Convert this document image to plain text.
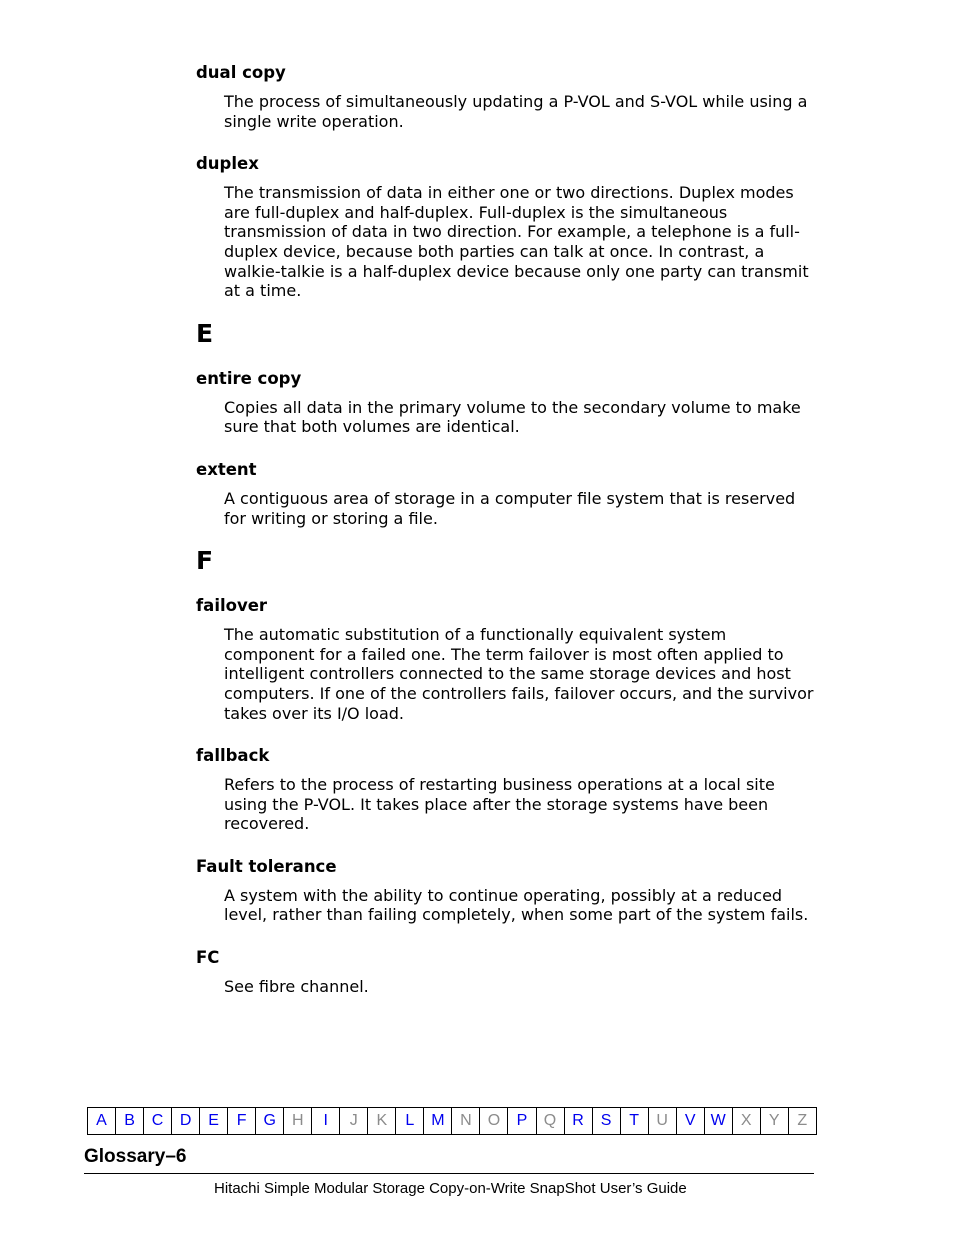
dual copy
The process of simultaneously updating a P-VOL and S-VOL while using a single write operation.
duplex
The transmission of data in either one or two directions. Duplex modes are full-duplex and half-duplex. Full-duplex is the simultaneous transmission of data in two direction. For example, a telephone is a full-duplex device, because both parties can talk at once. In contrast, a walkie-talkie is a half-duplex device because only one party can transmit at a time.
E
entire copy
Copies all data in the primary volume to the secondary volume to make sure that both volumes are identical.
extent
A contiguous area of storage in a computer file system that is reserved for writing or storing a file.
F
failover
The automatic substitution of a functionally equivalent system component for a failed one. The term failover is most often applied to intelligent controllers connected to the same storage devices and host computers. If one of the controllers fails, failover occurs, and the survivor takes over its I/O load.
fallback
Refers to the process of restarting business operations at a local site using the P-VOL. It takes place after the storage systems have been recovered.
Fault tolerance
A system with the ability to continue operating, possibly at a reduced level, rather than failing completely, when some part of the system fails.
FC
See fibre channel.
A	B	C	D	E	F	G	H	I	J	K	L	M N	O	P	Q	R	S	T	U	V W X	Y	Z
Glossary–6
Hitachi Simple Modular Storage Copy-on-Write SnapShot User’s Guide
